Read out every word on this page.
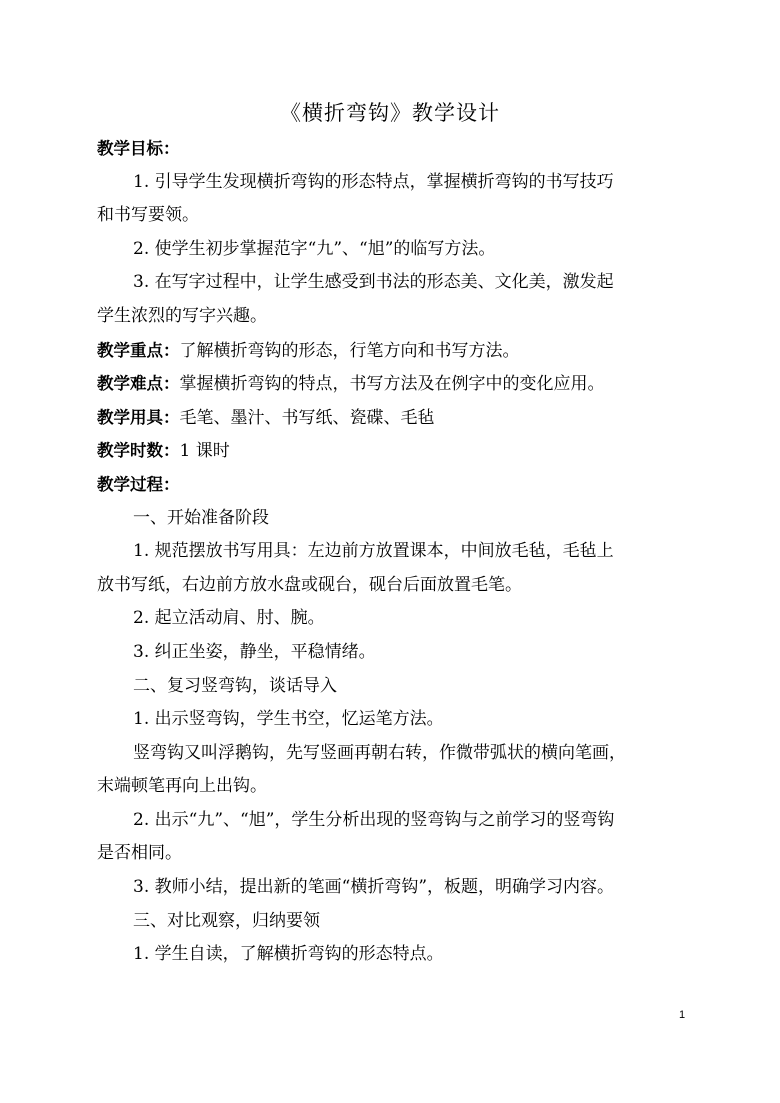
《横折弯钩》教学设计
教学目标：
1. 引导学生发现横折弯钩的形态特点，掌握横折弯钩的书写技巧
和书写要领。
2. 使学生初步掌握范字“九”、“旭”的临写方法。
3. 在写字过程中，让学生感受到书法的形态美、文化美，激发起
学生浓烈的写字兴趣。
教学重点：了解横折弯钩的形态，行笔方向和书写方法。
教学难点：掌握横折弯钩的特点，书写方法及在例字中的变化应用。
教学用具：毛笔、墨汁、书写纸、瓷碟、毛毡
教学时数：1 课时
教学过程：
一、开始准备阶段
1. 规范摆放书写用具：左边前方放置课本，中间放毛毡，毛毡上
放书写纸，右边前方放水盘或砚台，砚台后面放置毛笔。
2. 起立活动肩、肘、腕。
3. 纠正坐姿，静坐，平稳情绪。
二、复习竖弯钩，谈话导入
1. 出示竖弯钩，学生书空，忆运笔方法。
竖弯钩又叫浮鹅钩，先写竖画再朝右转，作微带弧状的横向笔画，
末端顿笔再向上出钩。
2. 出示“九”、“旭”，学生分析出现的竖弯钩与之前学习的竖弯钩
是否相同。
3. 教师小结，提出新的笔画“横折弯钩”，板题，明确学习内容。
三、对比观察，归纳要领
1. 学生自读，了解横折弯钩的形态特点。
1
